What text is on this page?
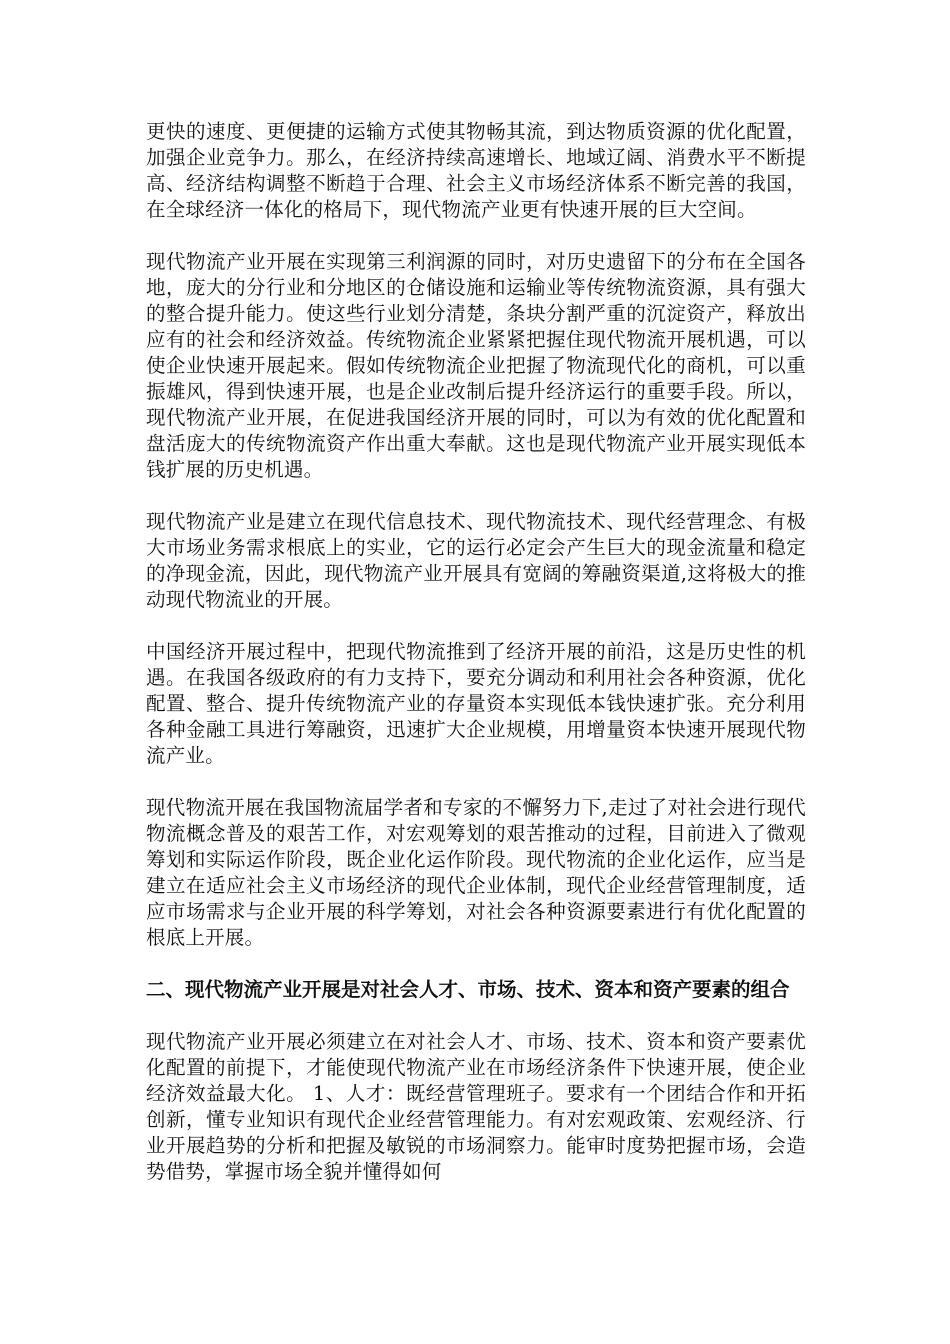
更快的速度、更便捷的运输方式使其物畅其流，到达物质资源的优化配置，加强企业竞争力。那么，在经济持续高速增长、地域辽阔、消费水平不断提高、经济结构调整不断趋于合理、社会主义市场经济体系不断完善的我国，在全球经济一体化的格局下，现代物流产业更有快速开展的巨大空间。

现代物流产业开展在实现第三利润源的同时，对历史遗留下的分布在全国各地，庞大的分行业和分地区的仓储设施和运输业等传统物流资源，具有强大的整合提升能力。使这些行业划分清楚，条块分割严重的沉淀资产，释放出应有的社会和经济效益。传统物流企业紧紧把握住现代物流开展机遇，可以使企业快速开展起来。假如传统物流企业把握了物流现代化的商机，可以重振雄风，得到快速开展，也是企业改制后提升经济运行的重要手段。所以，现代物流产业开展，在促进我国经济开展的同时，可以为有效的优化配置和盘活庞大的传统物流资产作出重大奉献。这也是现代物流产业开展实现低本钱扩展的历史机遇。

现代物流产业是建立在现代信息技术、现代物流技术、现代经营理念、有极大市场业务需求根底上的实业，它的运行必定会产生巨大的现金流量和稳定的净现金流，因此，现代物流产业开展具有宽阔的筹融资渠道,这将极大的推动现代物流业的开展。

中国经济开展过程中，把现代物流推到了经济开展的前沿，这是历史性的机遇。在我国各级政府的有力支持下，要充分调动和利用社会各种资源，优化配置、整合、提升传统物流产业的存量资本实现低本钱快速扩张。充分利用各种金融工具进行筹融资，迅速扩大企业规模，用增量资本快速开展现代物流产业。

现代物流开展在我国物流届学者和专家的不懈努力下,走过了对社会进行现代物流概念普及的艰苦工作，对宏观筹划的艰苦推动的过程，目前进入了微观筹划和实际运作阶段，既企业化运作阶段。现代物流的企业化运作，应当是建立在适应社会主义市场经济的现代企业体制，现代企业经营管理制度，适应市场需求与企业开展的科学筹划，对社会各种资源要素进行有优化配置的根底上开展。

二、现代物流产业开展是对社会人才、市场、技术、资本和资产要素的组合

现代物流产业开展必须建立在对社会人才、市场、技术、资本和资产要素优化配置的前提下，才能使现代物流产业在市场经济条件下快速开展，使企业经济效益最大化。 1、人才：既经营管理班子。要求有一个团结合作和开拓创新，懂专业知识有现代企业经营管理能力。有对宏观政策、宏观经济、行业开展趋势的分析和把握及敏锐的市场洞察力。能审时度势把握市场，会造势借势，掌握市场全貌并懂得如何
